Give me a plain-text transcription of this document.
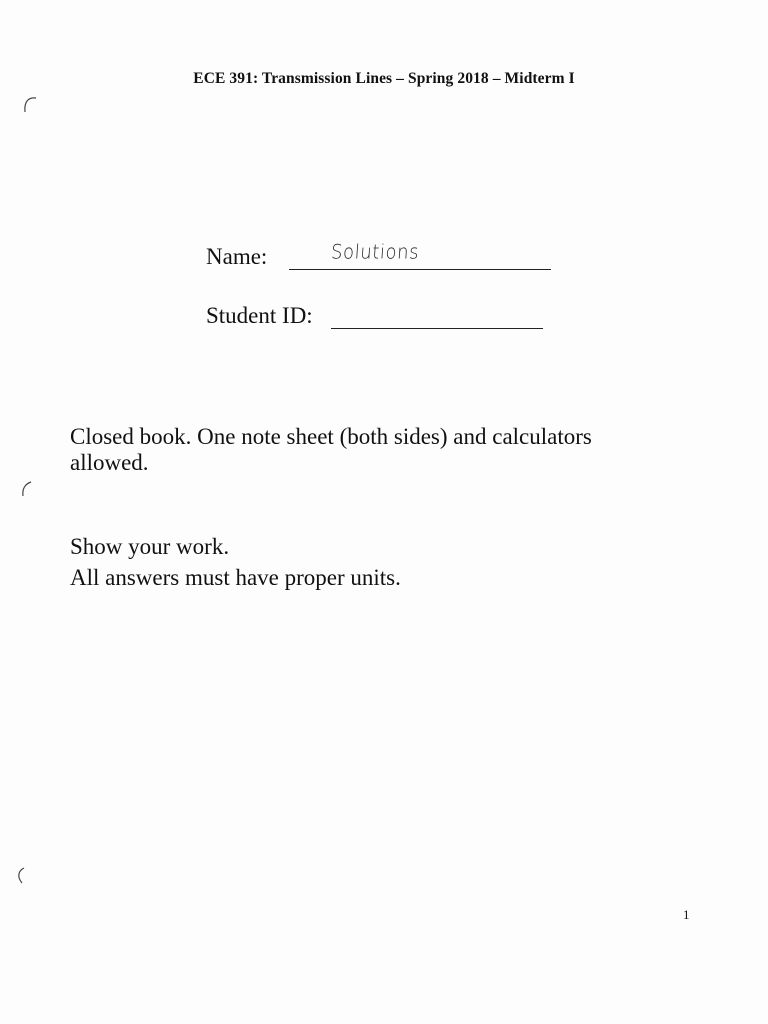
ECE 391: Transmission Lines – Spring 2018 – Midterm I
Name:	Solutions
Student ID:
Closed book. One note sheet (both sides) and calculators allowed.
Show your work.
All answers must have proper units.
1
